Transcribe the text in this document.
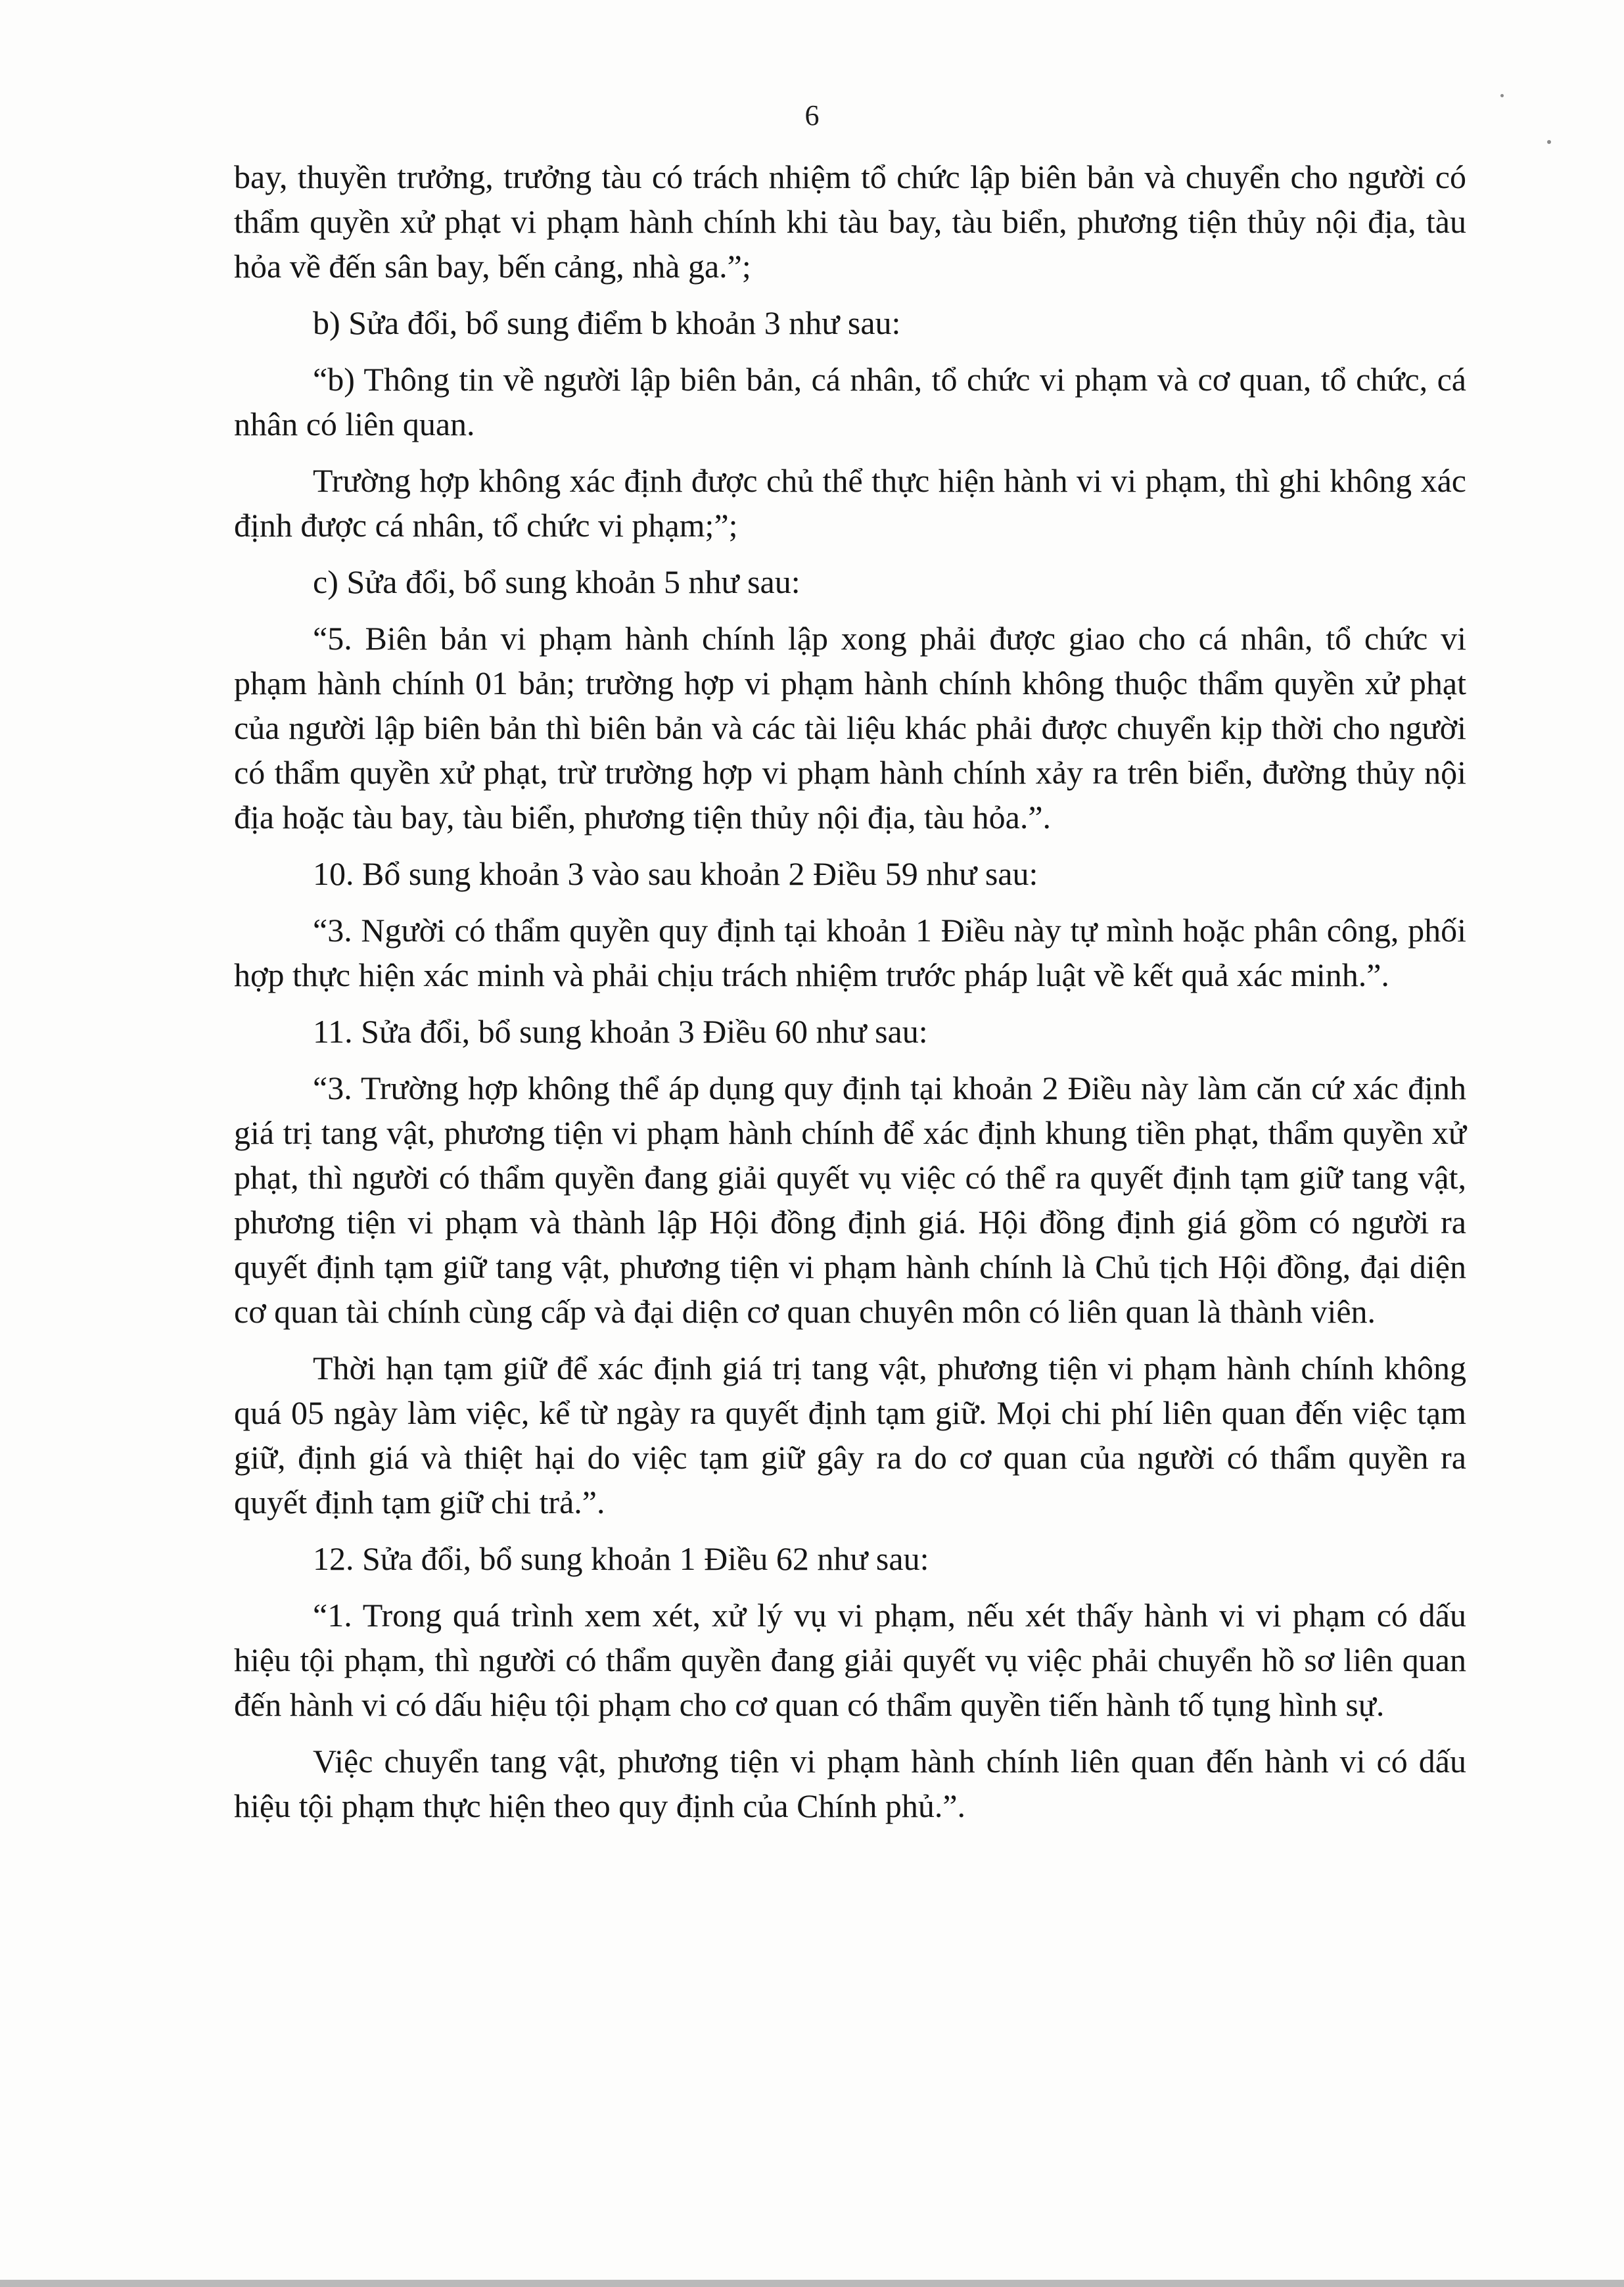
6

bay, thuyền trưởng, trưởng tàu có trách nhiệm tổ chức lập biên bản và chuyển cho người có thẩm quyền xử phạt vi phạm hành chính khi tàu bay, tàu biển, phương tiện thủy nội địa, tàu hỏa về đến sân bay, bến cảng, nhà ga.”;

b) Sửa đổi, bổ sung điểm b khoản 3 như sau:

“b) Thông tin về người lập biên bản, cá nhân, tổ chức vi phạm và cơ quan, tổ chức, cá nhân có liên quan.

Trường hợp không xác định được chủ thể thực hiện hành vi vi phạm, thì ghi không xác định được cá nhân, tổ chức vi phạm;”;

c) Sửa đổi, bổ sung khoản 5 như sau:

“5. Biên bản vi phạm hành chính lập xong phải được giao cho cá nhân, tổ chức vi phạm hành chính 01 bản; trường hợp vi phạm hành chính không thuộc thẩm quyền xử phạt của người lập biên bản thì biên bản và các tài liệu khác phải được chuyển kịp thời cho người có thẩm quyền xử phạt, trừ trường hợp vi phạm hành chính xảy ra trên biển, đường thủy nội địa hoặc tàu bay, tàu biển, phương tiện thủy nội địa, tàu hỏa.”.

10. Bổ sung khoản 3 vào sau khoản 2 Điều 59 như sau:

“3. Người có thẩm quyền quy định tại khoản 1 Điều này tự mình hoặc phân công, phối hợp thực hiện xác minh và phải chịu trách nhiệm trước pháp luật về kết quả xác minh.”.

11. Sửa đổi, bổ sung khoản 3 Điều 60 như sau:

“3. Trường hợp không thể áp dụng quy định tại khoản 2 Điều này làm căn cứ xác định giá trị tang vật, phương tiện vi phạm hành chính để xác định khung tiền phạt, thẩm quyền xử phạt, thì người có thẩm quyền đang giải quyết vụ việc có thể ra quyết định tạm giữ tang vật, phương tiện vi phạm và thành lập Hội đồng định giá. Hội đồng định giá gồm có người ra quyết định tạm giữ tang vật, phương tiện vi phạm hành chính là Chủ tịch Hội đồng, đại diện cơ quan tài chính cùng cấp và đại diện cơ quan chuyên môn có liên quan là thành viên.

Thời hạn tạm giữ để xác định giá trị tang vật, phương tiện vi phạm hành chính không quá 05 ngày làm việc, kể từ ngày ra quyết định tạm giữ. Mọi chi phí liên quan đến việc tạm giữ, định giá và thiệt hại do việc tạm giữ gây ra do cơ quan của người có thẩm quyền ra quyết định tạm giữ chi trả.”.

12. Sửa đổi, bổ sung khoản 1 Điều 62 như sau:

“1. Trong quá trình xem xét, xử lý vụ vi phạm, nếu xét thấy hành vi vi phạm có dấu hiệu tội phạm, thì người có thẩm quyền đang giải quyết vụ việc phải chuyển hồ sơ liên quan đến hành vi có dấu hiệu tội phạm cho cơ quan có thẩm quyền tiến hành tố tụng hình sự.

Việc chuyển tang vật, phương tiện vi phạm hành chính liên quan đến hành vi có dấu hiệu tội phạm thực hiện theo quy định của Chính phủ.”.
